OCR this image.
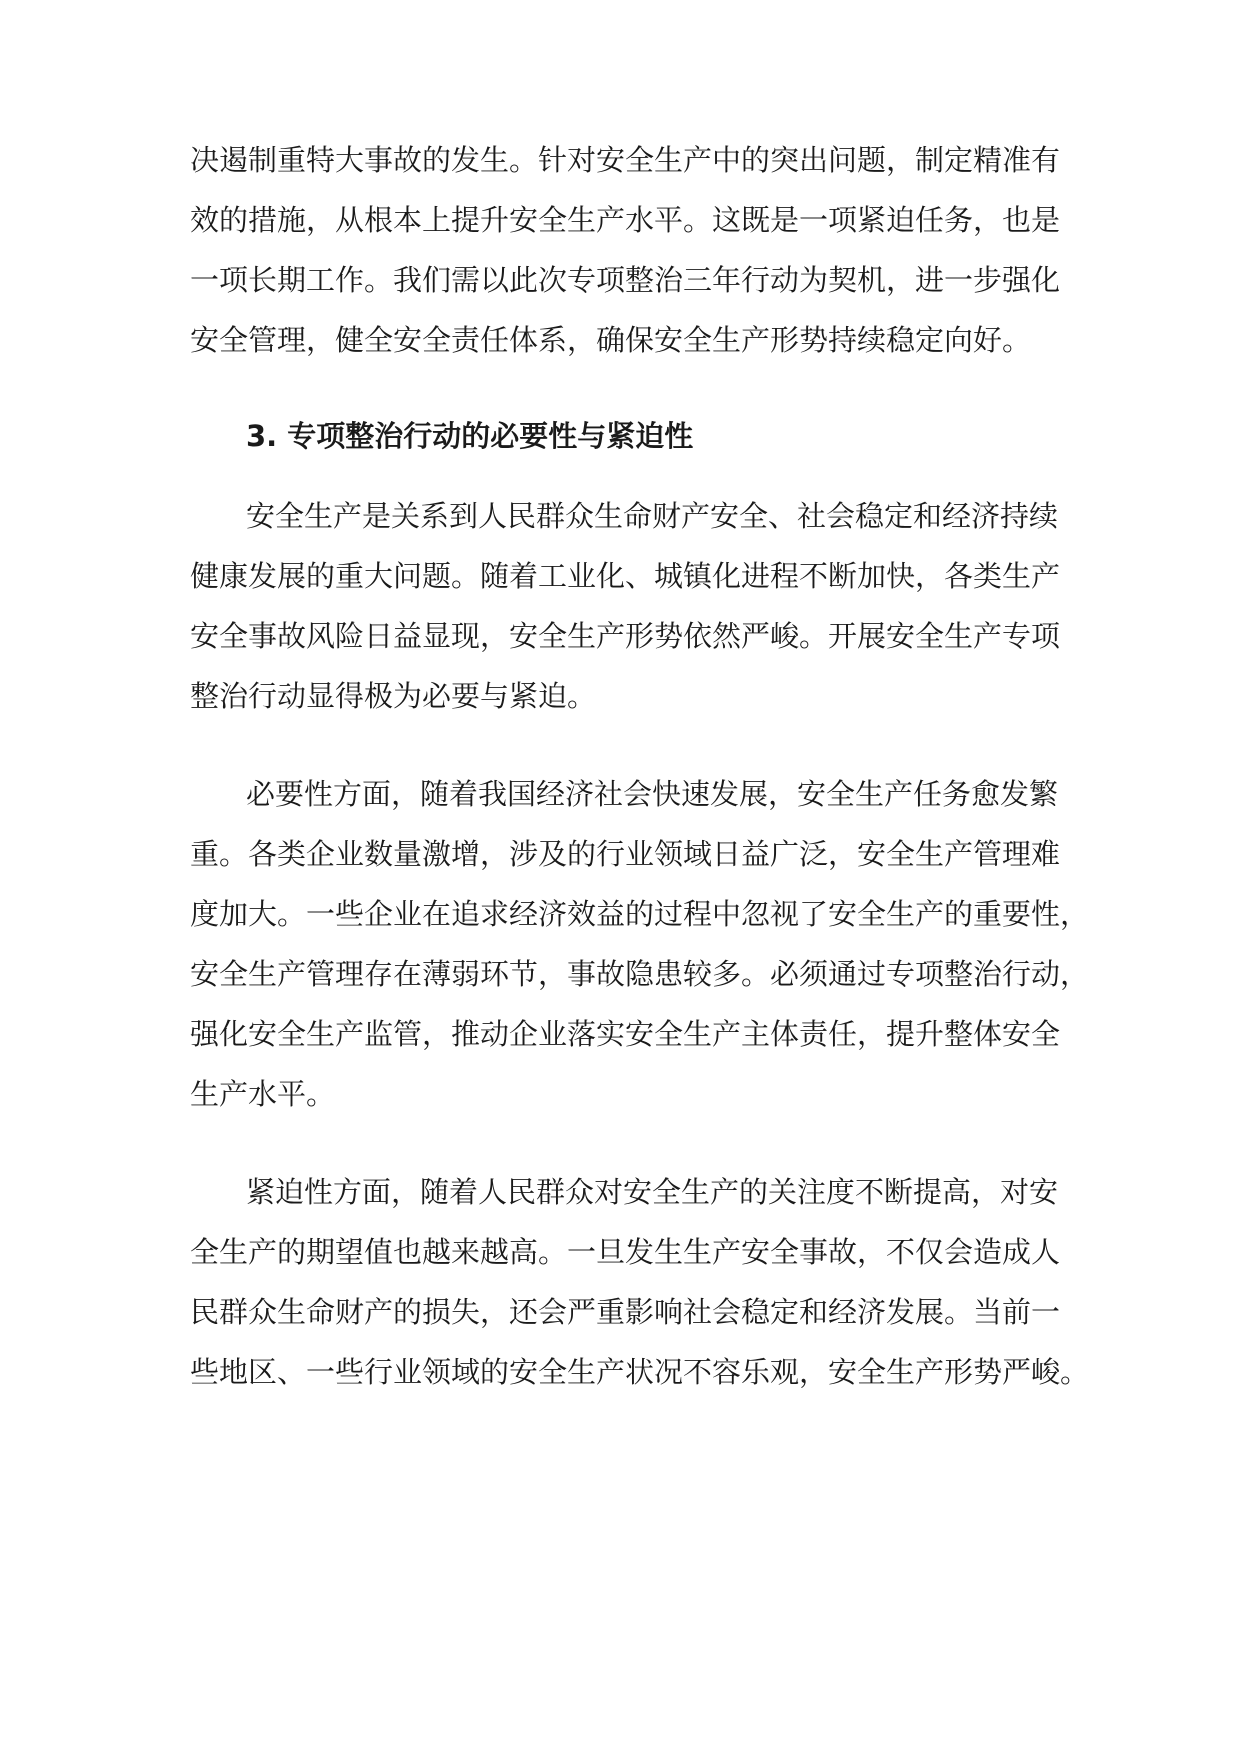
决遏制重特大事故的发生。针对安全生产中的突出问题，制定精准有
效的措施，从根本上提升安全生产水平。这既是一项紧迫任务，也是
一项长期工作。我们需以此次专项整治三年行动为契机，进一步强化
安全管理，健全安全责任体系，确保安全生产形势持续稳定向好。
3. 专项整治行动的必要性与紧迫性
安全生产是关系到人民群众生命财产安全、社会稳定和经济持续
健康发展的重大问题。随着工业化、城镇化进程不断加快，各类生产
安全事故风险日益显现，安全生产形势依然严峻。开展安全生产专项
整治行动显得极为必要与紧迫。
必要性方面，随着我国经济社会快速发展，安全生产任务愈发繁
重。各类企业数量激增，涉及的行业领域日益广泛，安全生产管理难
度加大。一些企业在追求经济效益的过程中忽视了安全生产的重要性，
安全生产管理存在薄弱环节，事故隐患较多。必须通过专项整治行动，
强化安全生产监管，推动企业落实安全生产主体责任，提升整体安全
生产水平。
紧迫性方面，随着人民群众对安全生产的关注度不断提高，对安
全生产的期望值也越来越高。一旦发生生产安全事故，不仅会造成人
民群众生命财产的损失，还会严重影响社会稳定和经济发展。当前一
些地区、一些行业领域的安全生产状况不容乐观，安全生产形势严峻。
